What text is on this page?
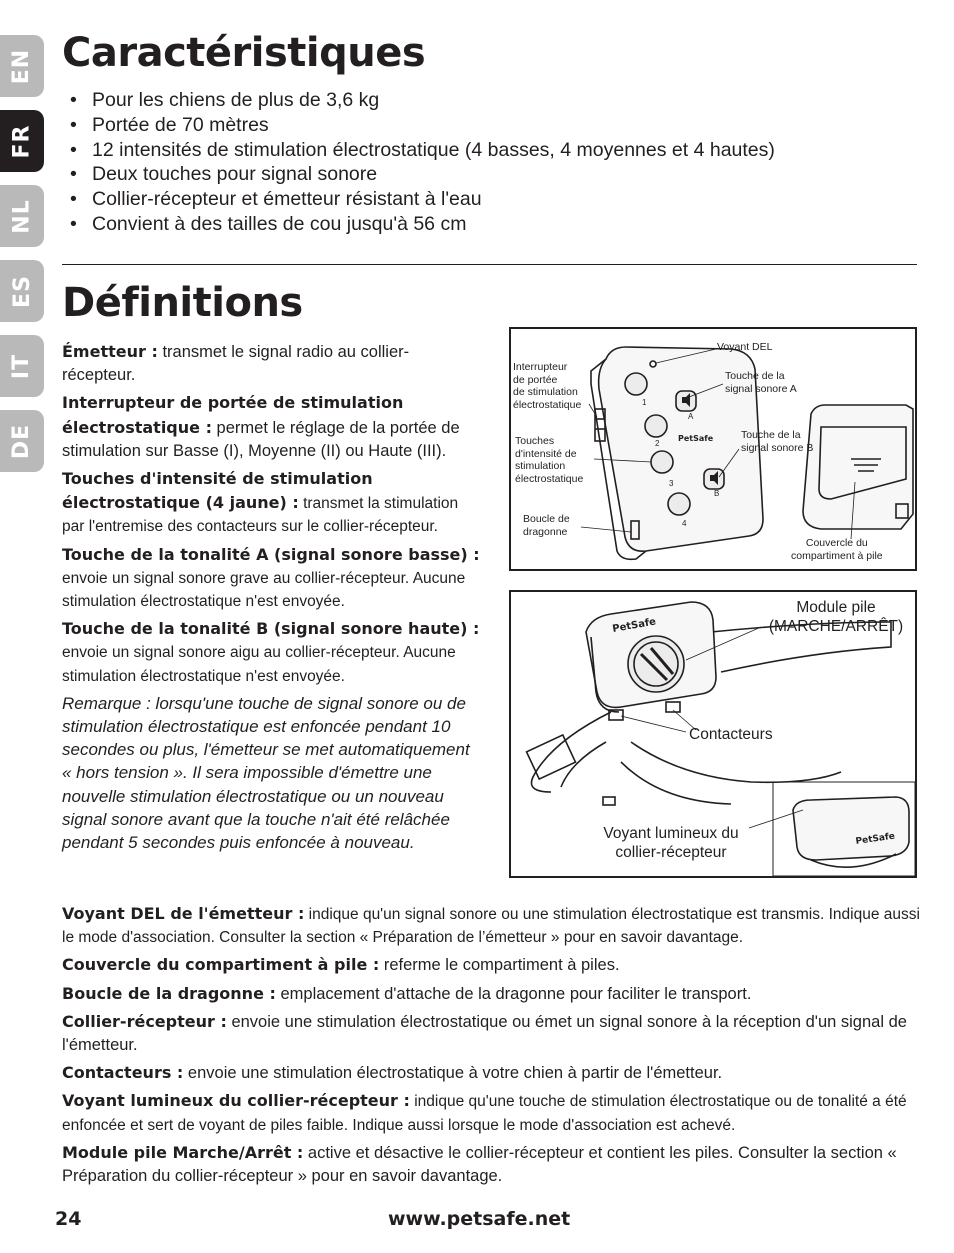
EN
FR
NL
ES
IT
DE
Caractéristiques
• Pour les chiens de plus de 3,6 kg
• Portée de 70 mètres
• 12 intensités de stimulation électrostatique (4 basses, 4 moyennes et 4 hautes)
• Deux touches pour signal sonore
• Collier-récepteur et émetteur résistant à l'eau
• Convient à des tailles de cou jusqu'à 56 cm
Définitions

Émetteur : transmet le signal radio au collier-récepteur.

Interrupteur de portée de stimulation électrostatique : permet le réglage de la portée de stimulation sur Basse (I), Moyenne (II) ou Haute (III).

Touches d'intensité de stimulation électrostatique (4 jaune) : transmet la stimulation par l'entremise des contacteurs sur le collier-récepteur.

Touche de la tonalité A (signal sonore basse) : envoie un signal sonore grave au collier-récepteur. Aucune stimulation électrostatique n'est envoyée.

Touche de la tonalité B (signal sonore haute) : envoie un signal sonore aigu au collier-récepteur. Aucune stimulation électrostatique n'est envoyée.

Remarque : lorsqu'une touche de signal sonore ou de stimulation électrostatique est enfoncée pendant 10 secondes ou plus, l'émetteur se met automatiquement « hors tension ». Il sera impossible d'émettre une nouvelle stimulation électrostatique ou un nouveau signal sonore avant que la touche n'ait été relâchée pendant 5 secondes puis enfoncée à nouveau.

Voyant DEL de l'émetteur : indique qu'un signal sonore ou une stimulation électrostatique est transmis. Indique aussi le mode d'association. Consulter la section « Préparation de l’émetteur » pour en savoir davantage.

Couvercle du compartiment à pile : referme le compartiment à piles.

Boucle de la dragonne : emplacement d'attache de la dragonne pour faciliter le transport.

Collier-récepteur : envoie une stimulation électrostatique ou émet un signal sonore à la réception d'un signal de l'émetteur.

Contacteurs : envoie une stimulation électrostatique à votre chien à partir de l'émetteur.

Voyant lumineux du collier-récepteur : indique qu'une touche de stimulation électrostatique ou de tonalité a été enfoncée et sert de voyant de piles faible. Indique aussi lorsque le mode d'association est achevé.

Module pile Marche/Arrêt : active et désactive le collier-récepteur et contient les piles. Consulter la section « Préparation du collier-récepteur » pour en savoir davantage.

PetSafe
1
2
3
4
A
B
Voyant DEL
Interrupteur
de portée
de stimulation
électrostatique
Touche de la
signal sonore A
Touche de la
signal sonore B
Touches
d'intensité de
stimulation
électrostatique
Boucle de
dragonne
Couvercle du
compartiment à pile
PetSafe
PetSafe
Module pile
(MARCHE/ARRÊT)
Contacteurs
Voyant lumineux du
collier-récepteur
24	www.petsafe.net
